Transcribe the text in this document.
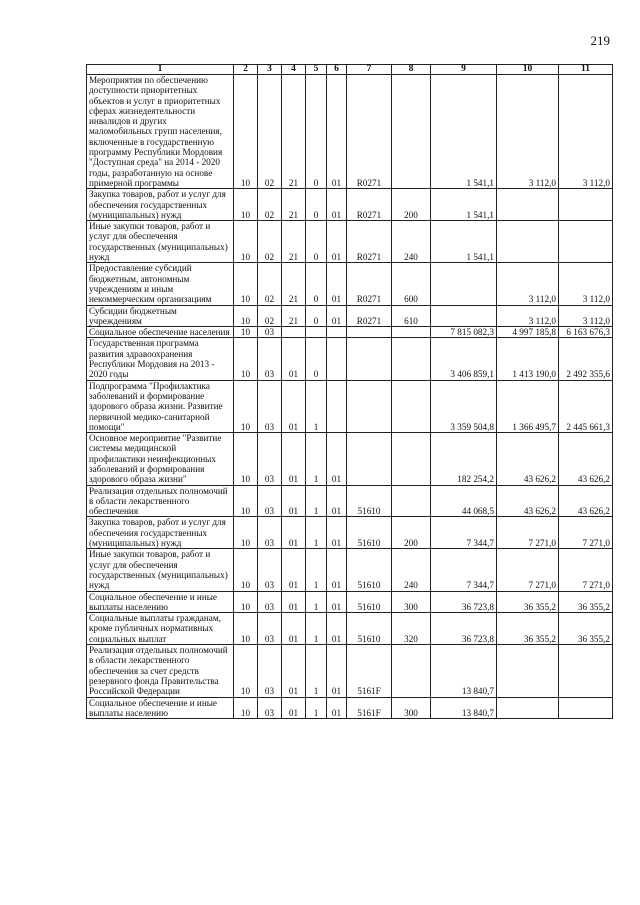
219
1	2	3	4	5	6	7	8	9	10	11
Мероприятия по обеспечению доступности приоритетных объектов и услуг в приоритетных сферах жизнедеятельности инвалидов и других маломобильных групп населения, включенные в государственную программу Республики Мордовия "Доступная среда" на 2014 - 2020 годы, разработанную на основе примерной программы	10	02	21	0	01	R0271		1 541,1	3 112,0	3 112,0
Закупка товаров, работ и услуг для обеспечения государственных (муниципальных) нужд	10	02	21	0	01	R0271	200	1 541,1		
Иные закупки товаров, работ и услуг для обеспечения государственных (муниципальных) нужд	10	02	21	0	01	R0271	240	1 541,1		
Предоставление субсидий бюджетным, автономным учреждениям и иным некоммерческим организациям	10	02	21	0	01	R0271	600		3 112,0	3 112,0
Субсидии бюджетным учреждениям	10	02	21	0	01	R0271	610		3 112,0	3 112,0
Социальное обеспечение населения	10	03						7 815 082,3	4 997 185,8	6 163 676,3
Государственная программа развития здравоохранения Республики Мордовия на 2013 - 2020 годы	10	03	01	0				3 406 859,1	1 413 190,0	2 492 355,6
Подпрограмма "Профилактика заболеваний и формирование здорового образа жизни. Развитие первичной медико-санитарной помощи"	10	03	01	1				3 359 504,8	1 366 495,7	2 445 661,3
Основное мероприятие "Развитие системы медицинской профилактики неинфекционных заболеваний и формирования здорового образа жизни"	10	03	01	1	01			182 254,2	43 626,2	43 626,2
Реализация отдельных полномочий в области лекарственного обеспечения	10	03	01	1	01	51610		44 068,5	43 626,2	43 626,2
Закупка товаров, работ и услуг для обеспечения государственных (муниципальных) нужд	10	03	01	1	01	51610	200	7 344,7	7 271,0	7 271,0
Иные закупки товаров, работ и услуг для обеспечения государственных (муниципальных) нужд	10	03	01	1	01	51610	240	7 344,7	7 271,0	7 271,0
Социальное обеспечение и иные выплаты населению	10	03	01	1	01	51610	300	36 723,8	36 355,2	36 355,2
Социальные выплаты гражданам, кроме публичных нормативных социальных выплат	10	03	01	1	01	51610	320	36 723,8	36 355,2	36 355,2
Реализация отдельных полномочий в области лекарственного обеспечения за счет средств резервного фонда Правительства Российской Федерации	10	03	01	1	01	5161F		13 840,7		
Социальное обеспечение и иные выплаты населению	10	03	01	1	01	5161F	300	13 840,7		
